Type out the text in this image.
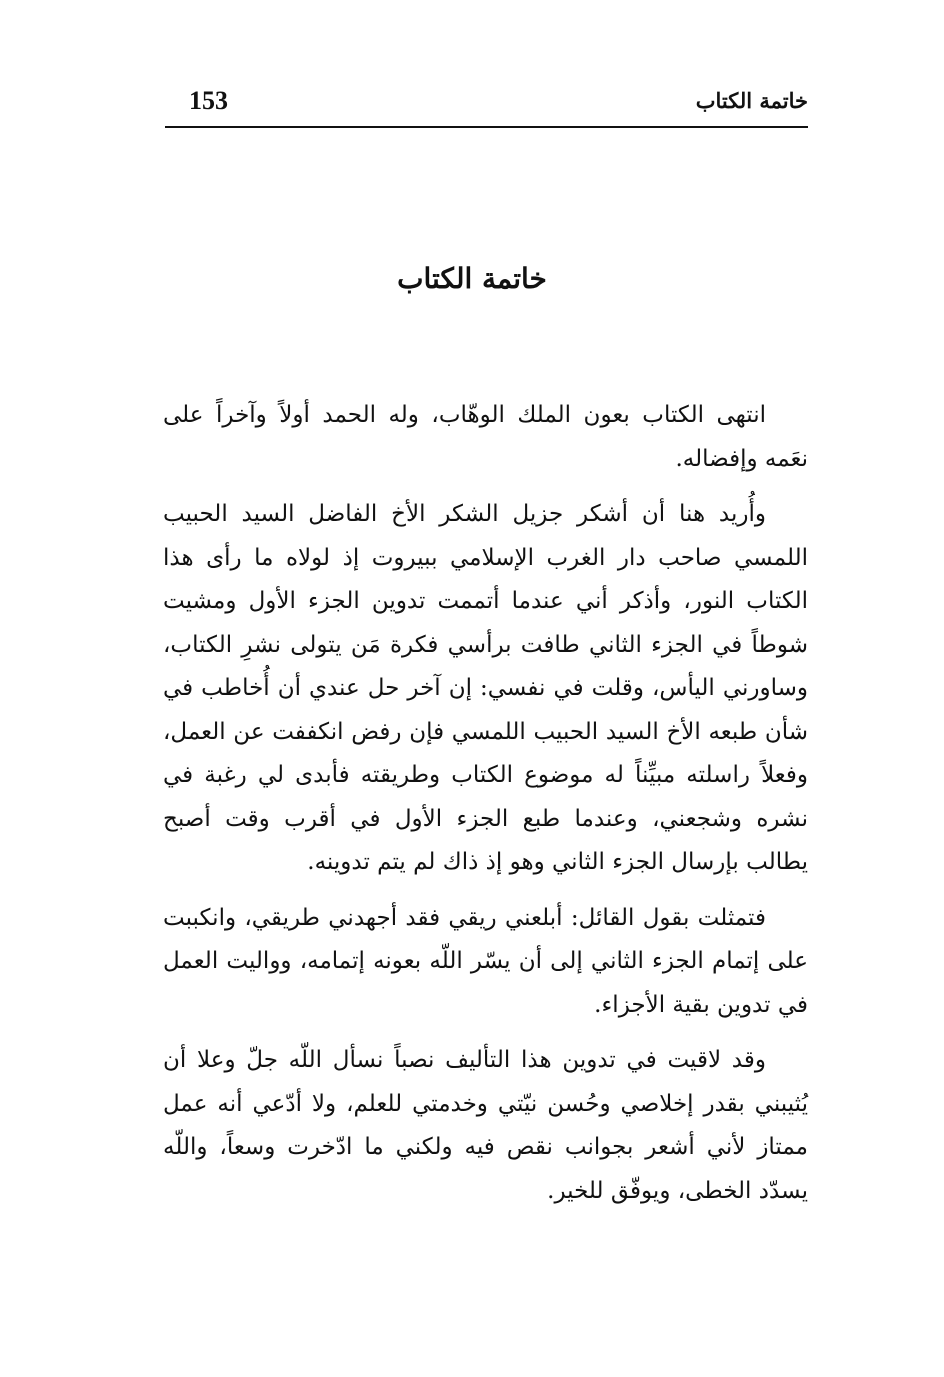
153	خاتمة الكتاب
خاتمة الكتاب

انتهى الكتاب بعون الملك الوهّاب، وله الحمد أولاً وآخراً على نعَمه وإفضاله.

وأُريد هنا أن أشكر جزيل الشكر الأخ الفاضل السيد الحبيب اللمسي صاحب دار الغرب الإسلامي ببيروت إذ لولاه ما رأى هذا الكتاب النور، وأذكر أني عندما أتممت تدوين الجزء الأول ومشيت شوطاً في الجزء الثاني طافت برأسي فكرة مَن يتولى نشرِ الكتاب، وساورني اليأس، وقلت في نفسي: إن آخر حل عندي أن أُخاطب في شأن طبعه الأخ السيد الحبيب اللمسي فإن رفض انكففت عن العمل، وفعلاً راسلته مبيِّناً له موضوع الكتاب وطريقته فأبدى لي رغبة في نشره وشجعني، وعندما طبع الجزء الأول في أقرب وقت أصبح يطالب بإرسال الجزء الثاني وهو إذ ذاك لم يتم تدوينه.

فتمثلت بقول القائل: أبلعني ريقي فقد أجهدني طريقي، وانكببت على إتمام الجزء الثاني إلى أن يسّر اللّه بعونه إتمامه، وواليت العمل في تدوين بقية الأجزاء.

وقد لاقيت في تدوين هذا التأليف نصباً نسأل اللّه جلّ وعلا أن يُثيبني بقدر إخلاصي وحُسن نيّتي وخدمتي للعلم، ولا أدّعي أنه عمل ممتاز لأني أشعر بجوانب نقص فيه ولكني ما ادّخرت وسعاً، واللّه يسدّد الخطى، ويوفّق للخير.
